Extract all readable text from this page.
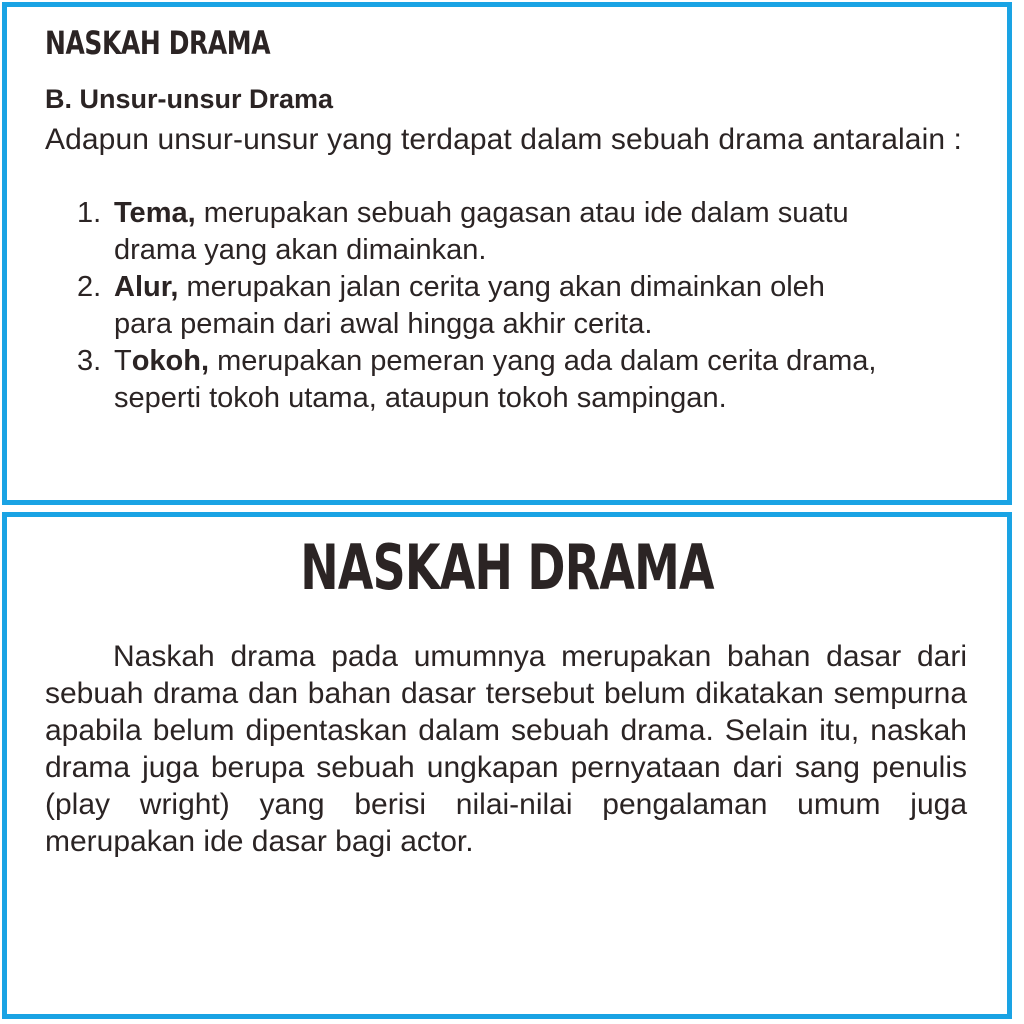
NASKAH DRAMA
B. Unsur-unsur Drama

Adapun unsur-unsur yang terdapat dalam sebuah drama antaralain :

1. Tema, merupakan sebuah gagasan atau ide dalam suatu
drama yang akan dimainkan.
2. Alur, merupakan jalan cerita yang akan dimainkan oleh
para pemain dari awal hingga akhir cerita.
3. Tokoh, merupakan pemeran yang ada dalam cerita drama,
seperti tokoh utama, ataupun tokoh sampingan.
NASKAH DRAMA

Naskah drama pada umumnya merupakan bahan dasar dari sebuah drama dan bahan dasar tersebut belum dikatakan sempurna apabila belum dipentaskan dalam sebuah drama. Selain itu, naskah drama juga berupa sebuah ungkapan pernyataan dari sang penulis (play wright) yang berisi nilai-nilai pengalaman umum juga merupakan ide dasar bagi actor.
